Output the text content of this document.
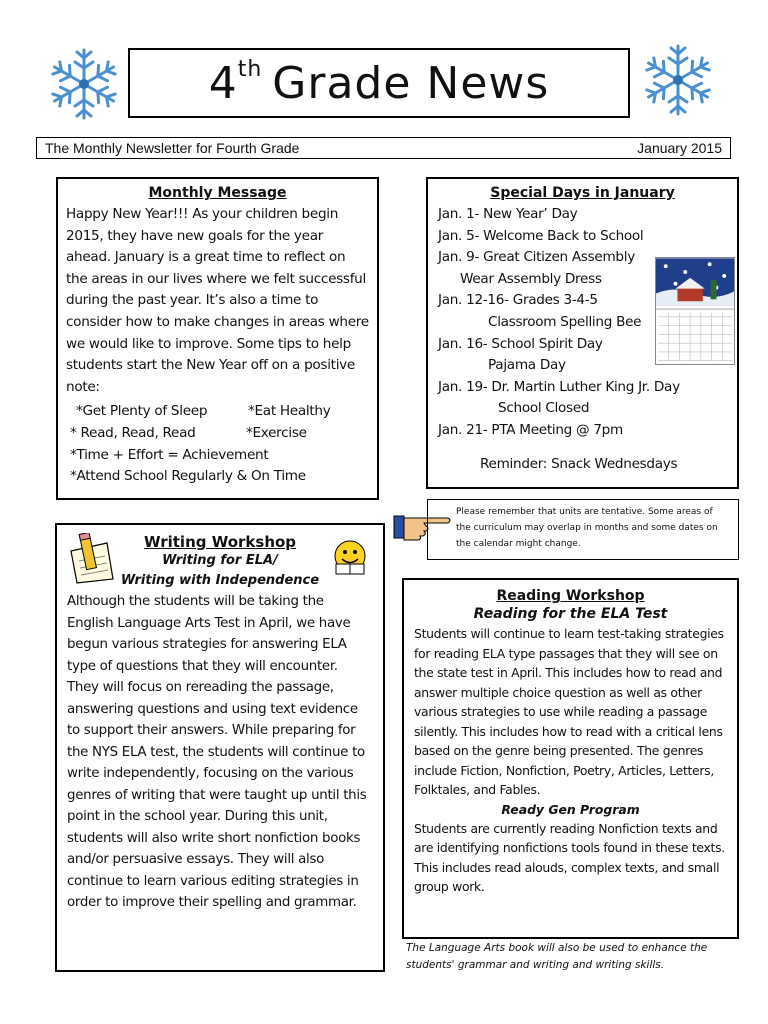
4th Grade News
The Monthly Newsletter for Fourth Grade	January 2015
Monthly Message
Happy New Year!!! As your children begin 2015, they have new goals for the year ahead. January is a great time to reflect on the areas in our lives where we felt successful during the past year. It’s also a time to consider how to make changes in areas where we would like to improve. Some tips to help students start the New Year off on a positive note:
*Get Plenty of Sleep	*Eat Healthy
* Read, Read, Read	*Exercise
*Time + Effort = Achievement
*Attend School Regularly & On Time
Special Days in January
Jan. 1- New Year’ Day
Jan. 5- Welcome Back to School
Jan. 9- Great Citizen Assembly
Wear Assembly Dress
Jan. 12-16- Grades 3-4-5
Classroom Spelling Bee
Jan. 16- School Spirit Day
Pajama Day
Jan. 19- Dr. Martin Luther King Jr. Day
School Closed
Jan. 21- PTA Meeting @ 7pm
Reminder: Snack Wednesdays
Please remember that units are tentative. Some areas of the curriculum may overlap in months and some dates on the calendar might change.
Writing Workshop
Writing for ELA/
Writing with Independence
Although the students will be taking the English Language Arts Test in April, we have begun various strategies for answering ELA type of questions that they will encounter. They will focus on rereading the passage, answering questions and using text evidence to support their answers. While preparing for the NYS ELA test, the students will continue to write independently, focusing on the various genres of writing that were taught up until this point in the school year. During this unit, students will also write short nonfiction books and/or persuasive essays. They will also continue to learn various editing strategies in order to improve their spelling and grammar.
Reading Workshop
Reading for the ELA Test
Students will continue to learn test-taking strategies for reading ELA type passages that they will see on the state test in April. This includes how to read and answer multiple choice question as well as other various strategies to use while reading a passage silently. This includes how to read with a critical lens based on the genre being presented. The genres include Fiction, Nonfiction, Poetry, Articles, Letters, Folktales, and Fables.
Ready Gen Program
Students are currently reading Nonfiction texts and are identifying nonfictions tools found in these texts. This includes read alouds, complex texts, and small group work.
The Language Arts book will also be used to enhance the students' grammar and writing and writing skills.
